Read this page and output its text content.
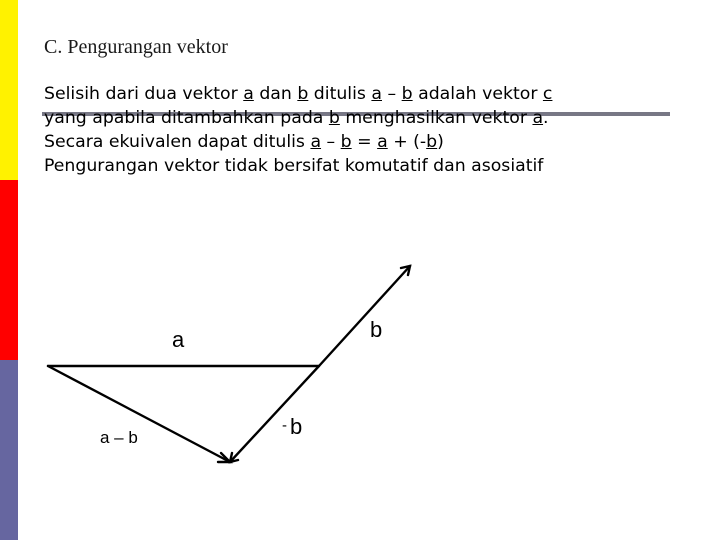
C. Pengurangan vektor

Selisih dari dua vektor a dan b ditulis a – b adalah vektor c

yang apabila ditambahkan pada b menghasilkan vektor a.

Secara ekuivalen dapat ditulis a – b = a + (-b)

Pengurangan vektor tidak bersifat komutatif dan asosiatif

a	b
- b
a – b
